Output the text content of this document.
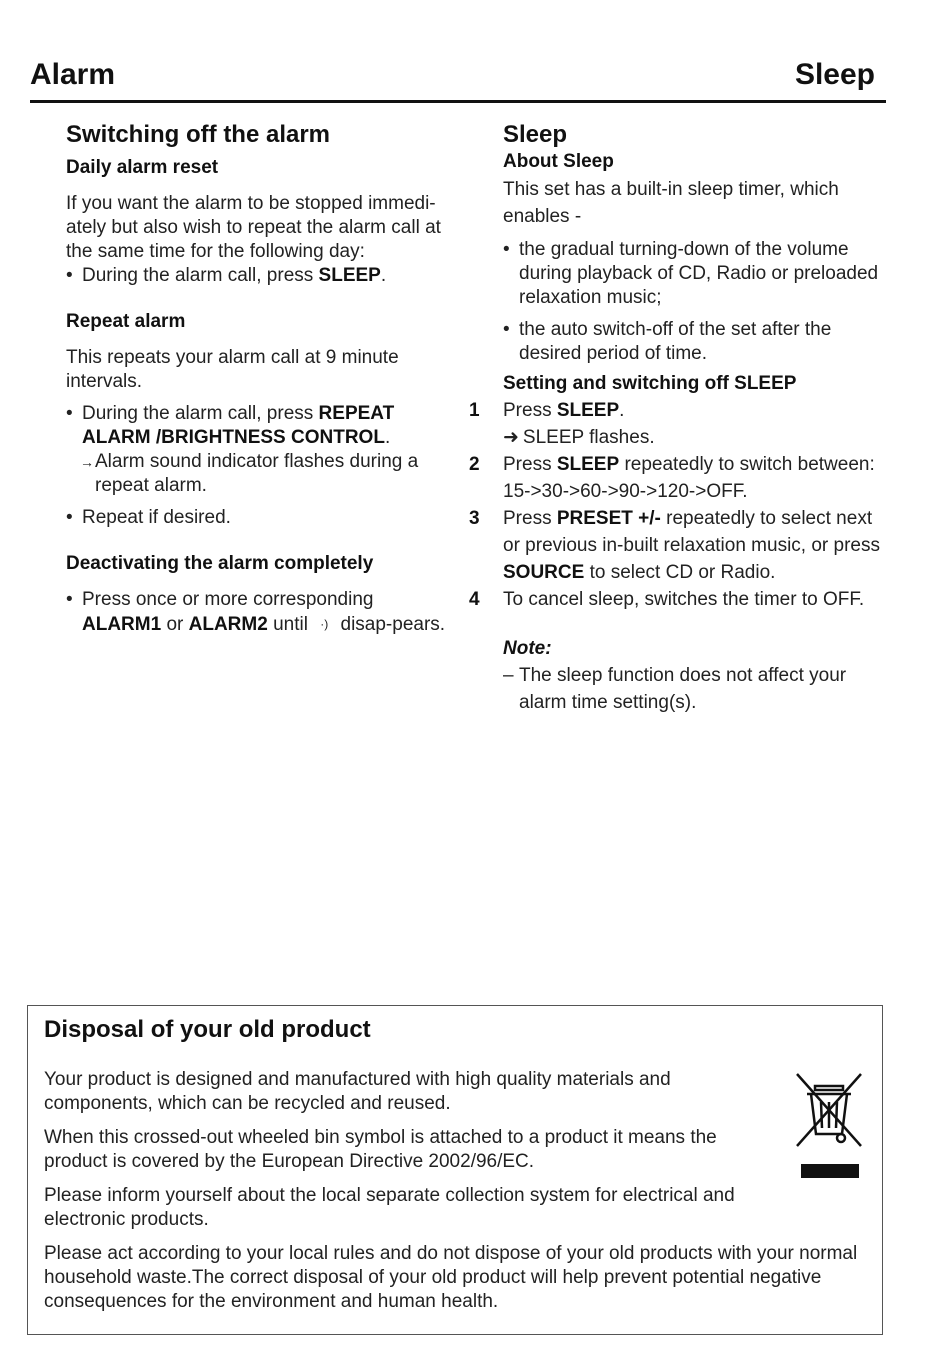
Alarm	Sleep
Switching off the alarm
Daily alarm reset

If you want the alarm to be stopped immedi-ately but also wish to repeat the alarm call at the same time for the following day:

• During the alarm call, press SLEEP.
Repeat alarm

This repeats your alarm call at 9 minute intervals.

• During the alarm call, press REPEAT ALARM /BRIGHTNESS CONTROL.
→ Alarm sound indicator flashes during a repeat alarm.
• Repeat if desired.
Deactivating the alarm completely
• Press once or more corresponding ALARM1 or ALARM2 until ·) disap-pears.
Sleep
About Sleep

This set has a built-in sleep timer, which enables -

• the gradual turning-down of the volume during playback of CD, Radio or preloaded relaxation music;
• the auto switch-off of the set after the desired period of time.
Setting and switching off SLEEP
1 Press SLEEP.
➜ SLEEP flashes.
2 Press SLEEP repeatedly to switch between: 15->30->60->90->120->OFF.
3 Press PRESET +/- repeatedly to select next or previous in-built relaxation music, or press SOURCE to select CD or Radio.
4 To cancel sleep, switches the timer to OFF.
Note:
– The sleep function does not affect your alarm time setting(s).
Disposal of your old product

Your product is designed and manufactured with high quality materials and components, which can be recycled and reused.

When this crossed-out wheeled bin symbol is attached to a product it means the product is covered by the European Directive 2002/96/EC.

Please inform yourself about the local separate collection system for electrical and electronic products.

Please act according to your local rules and do not dispose of your old products with your normal household waste.The correct disposal of your old product will help prevent potential negative consequences for the environment and human health.
